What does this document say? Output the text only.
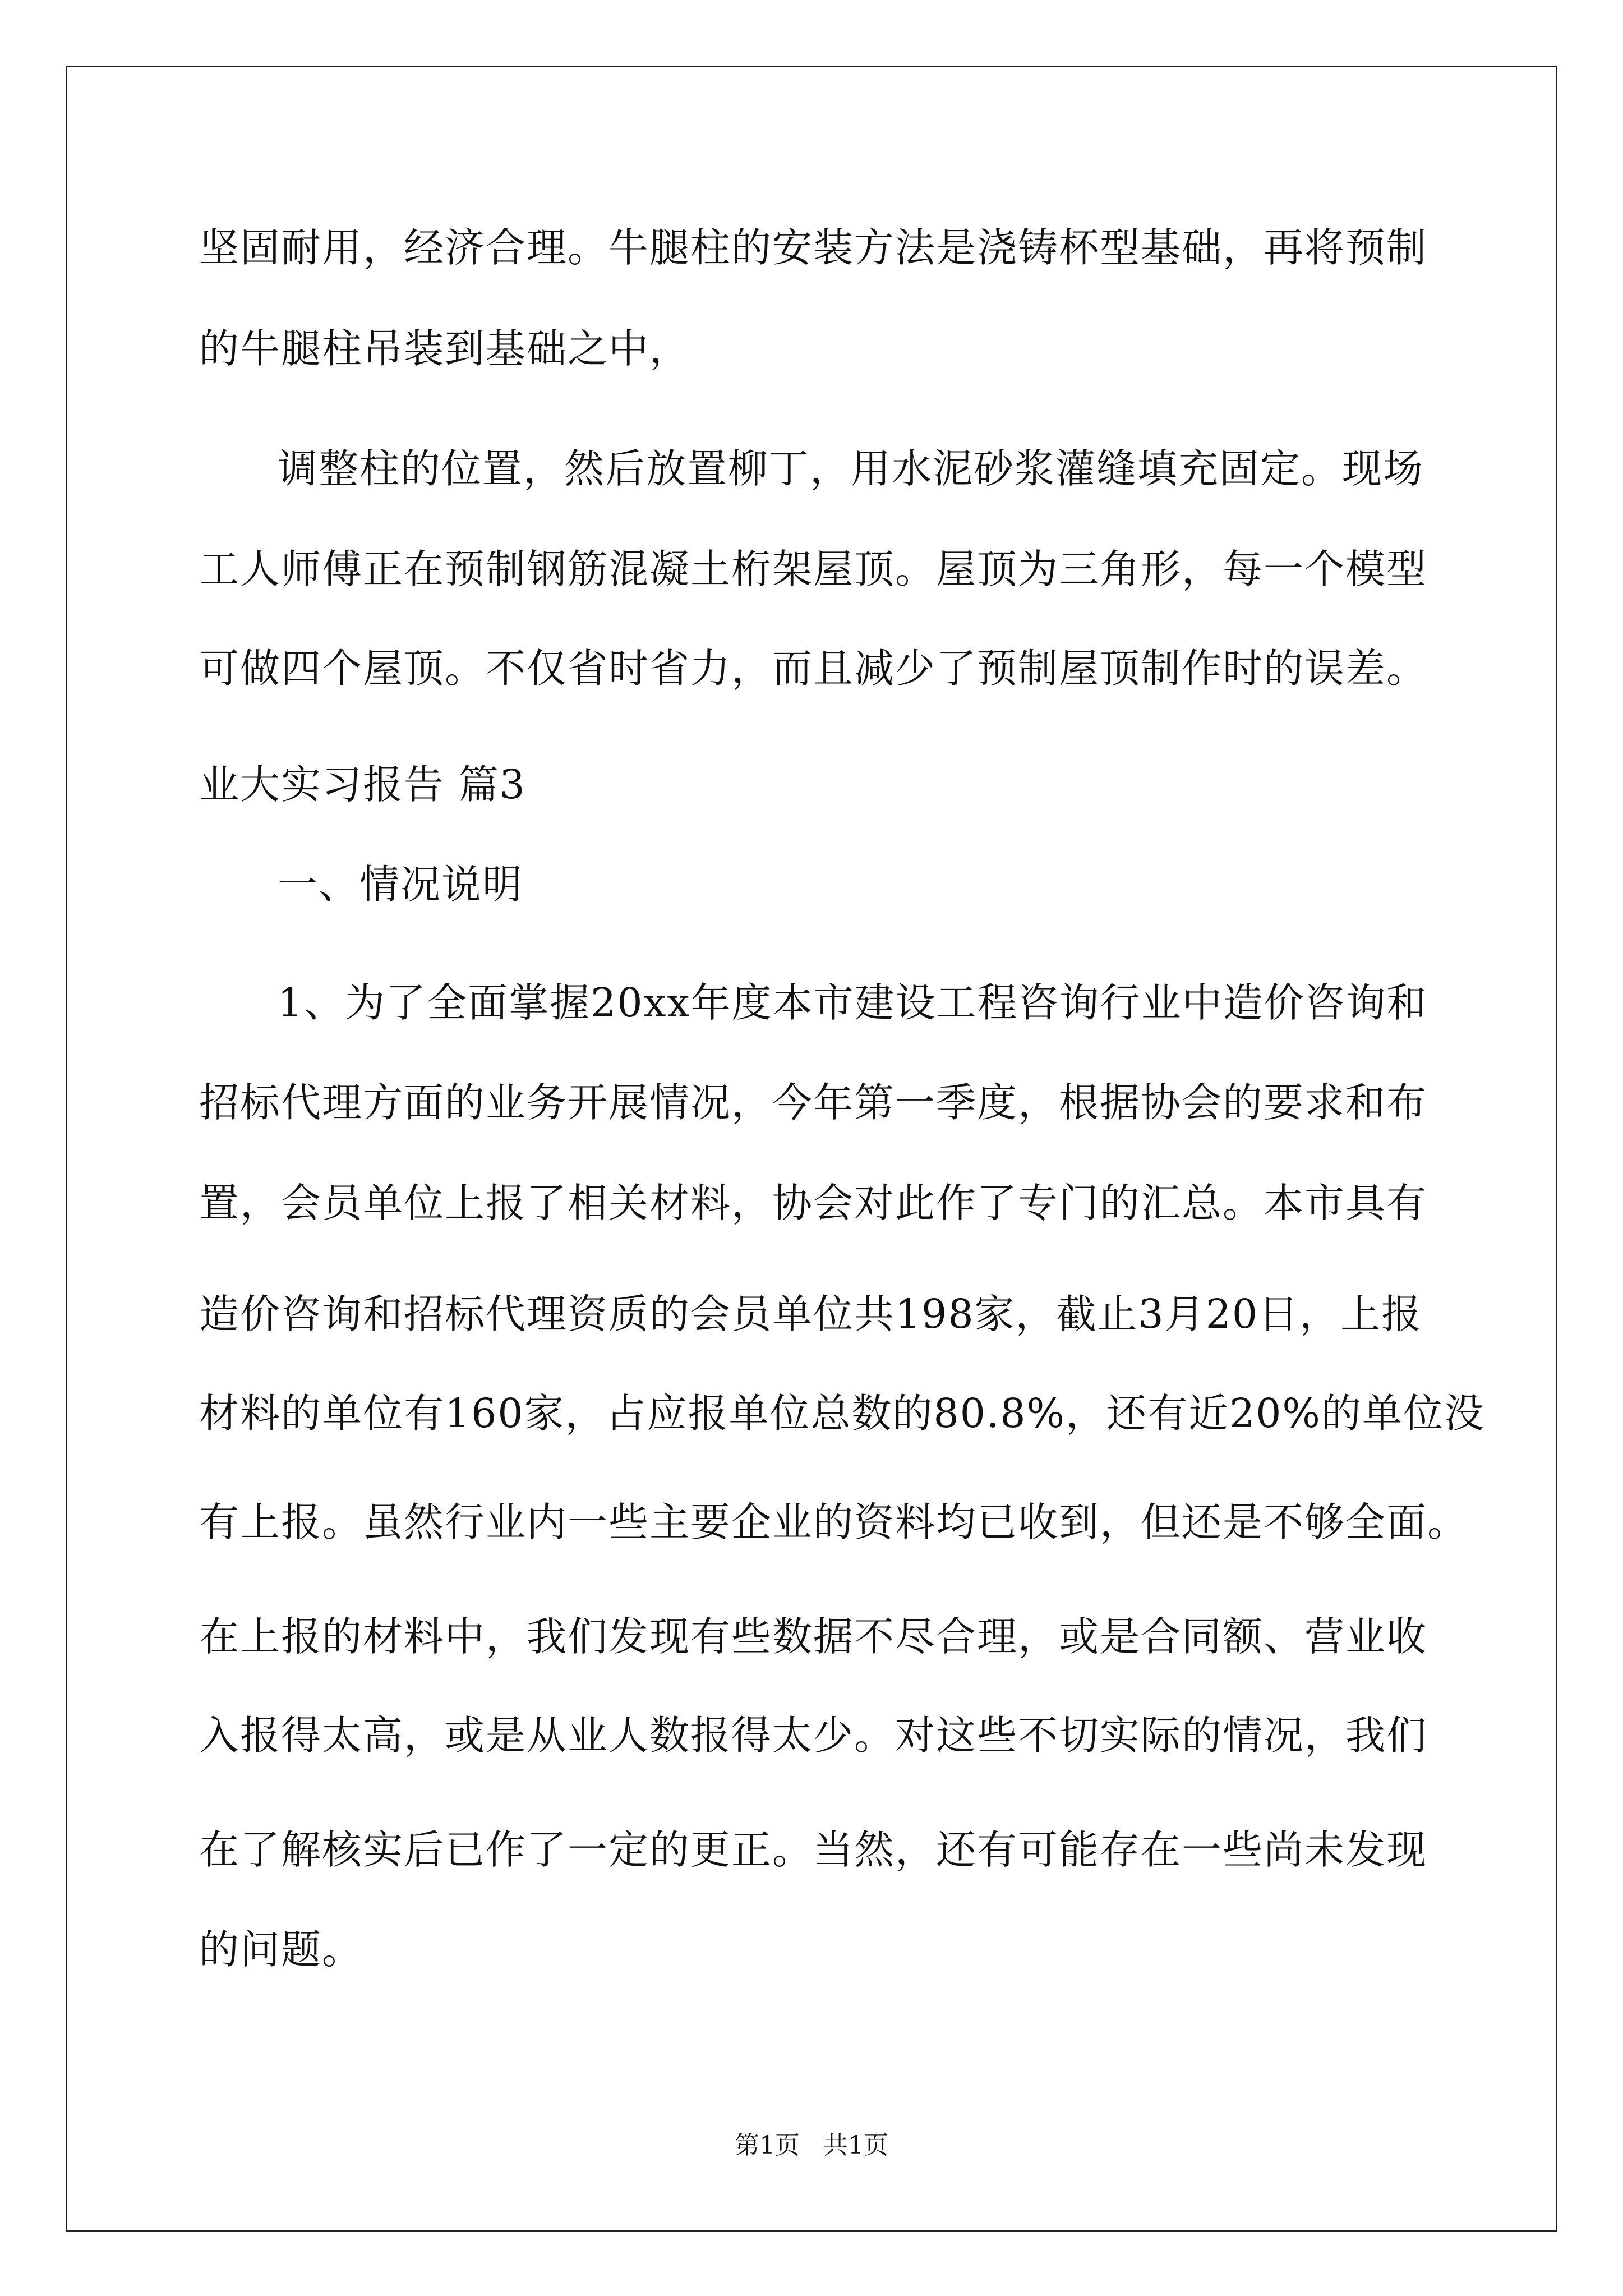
坚固耐用，经济合理。牛腿柱的安装方法是浇铸杯型基础，再将预制
的牛腿柱吊装到基础之中，
调整柱的位置，然后放置柳丁，用水泥砂浆灌缝填充固定。现场
工人师傅正在预制钢筋混凝土桁架屋顶。屋顶为三角形，每一个模型
可做四个屋顶。不仅省时省力，而且减少了预制屋顶制作时的误差。
业大实习报告 篇3
一、情况说明
1、为了全面掌握20xx年度本市建设工程咨询行业中造价咨询和
招标代理方面的业务开展情况，今年第一季度，根据协会的要求和布
置，会员单位上报了相关材料，协会对此作了专门的汇总。本市具有
造价咨询和招标代理资质的会员单位共198家，截止3月20日，上报
材料的单位有160家，占应报单位总数的80.8%，还有近20%的单位没
有上报。虽然行业内一些主要企业的资料均已收到，但还是不够全面。
在上报的材料中，我们发现有些数据不尽合理，或是合同额、营业收
入报得太高，或是从业人数报得太少。对这些不切实际的情况，我们
在了解核实后已作了一定的更正。当然，还有可能存在一些尚未发现
的问题。
第1页 共1页
